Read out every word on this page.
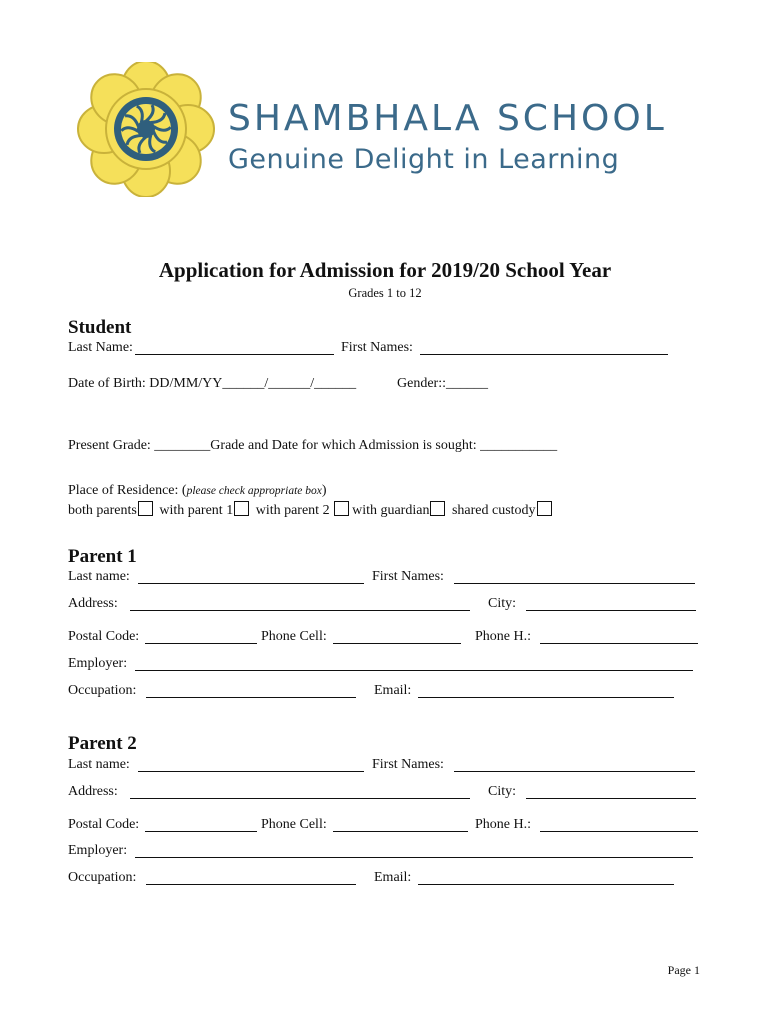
SHAMBHALA SCHOOL
Genuine Delight in Learning
Application for Admission for 2019/20 School Year
Grades 1 to 12
Student
Last Name:	First Names:
Date of Birth: DD/MM/YY______/______/______	Gender::______
Present Grade: ________Grade and Date for which Admission is sought: ___________
Place of Residence: (please check appropriate box)
both parents with parent 1 with parent 2 with guardian shared custody
Parent 1
Last name:	First Names:
Address:	City:
Postal Code:	Phone Cell:	Phone H.:
Employer:
Occupation:	Email:
Parent 2
Last name:	First Names:
Address:	City:
Postal Code:	Phone Cell:	Phone H.:
Employer:
Occupation:	Email:
Page 1
